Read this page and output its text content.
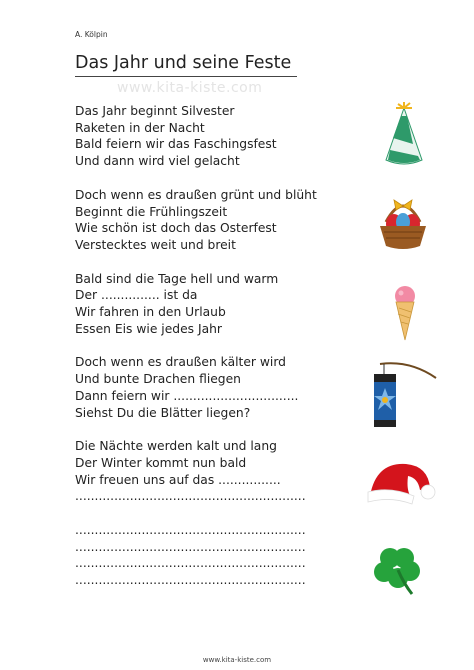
A. Kölpin
Das Jahr und seine Feste
www.kita-kiste.com
Das Jahr beginnt Silvester
Raketen in der Nacht
Bald feiern wir das Faschingsfest
Und dann wird viel gelacht
Doch wenn es draußen grünt und blüht
Beginnt die Frühlingszeit
Wie schön ist doch das Osterfest
Verstecktes weit und breit
Bald sind die Tage hell und warm
Der ............... ist da
Wir fahren in den Urlaub
Essen Eis wie jedes Jahr
Doch wenn es draußen kälter wird
Und bunte Drachen fliegen
Dann feiern wir ................................
Siehst Du die Blätter liegen?
Die Nächte werden kalt und lang
Der Winter kommt nun bald
Wir freuen uns auf das ................
...........................................................
...........................................................
...........................................................
...........................................................
...........................................................
www.kita-kiste.com
